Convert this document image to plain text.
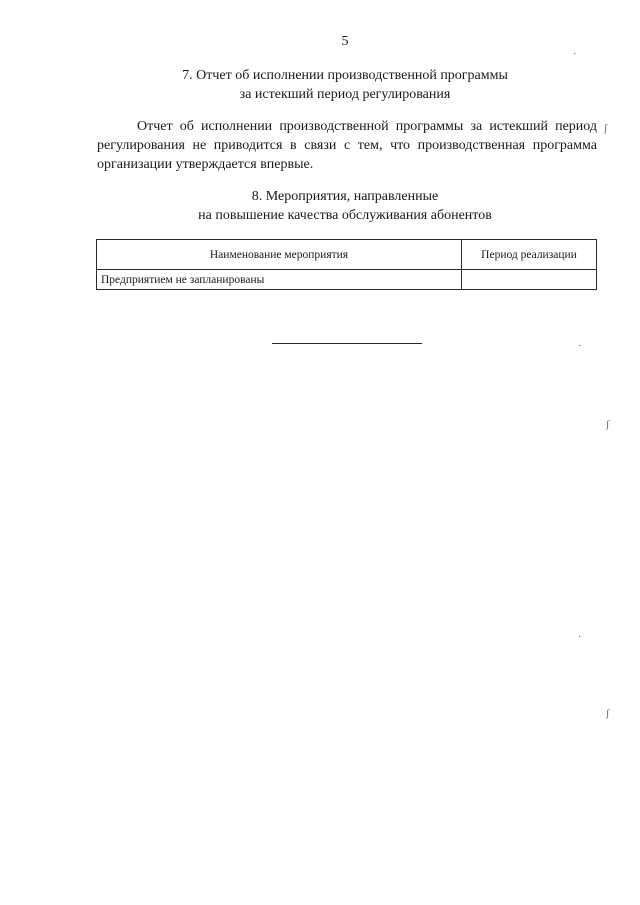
5
7. Отчет об исполнении производственной программы
за истекший период регулирования

Отчет об исполнении производственной программы за истекший период регулирования не приводится в связи с тем, что производственная программа организации утверждается впервые.

8. Мероприятия, направленные
на повышение качества обслуживания абонентов
Наименование мероприятия	Период реализации
Предприятием не запланированы	
ʃ
ʃ
ʃ
·
·
·
